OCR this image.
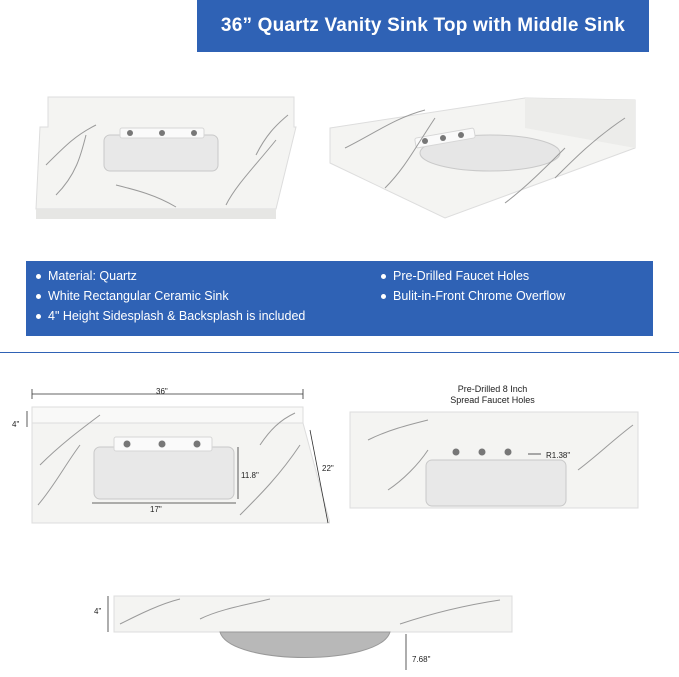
36” Quartz Vanity Sink Top with Middle Sink
Material: Quartz
White Rectangular Ceramic Sink
4" Height Sidesplash & Backsplash is included
Pre-Drilled Faucet Holes
Bulit-in-Front Chrome Overflow
36"
4"
11.8"
17"
22"
Pre-Drilled 8 Inch
Spread Faucet Holes
R1.38"
4”
7.68"
